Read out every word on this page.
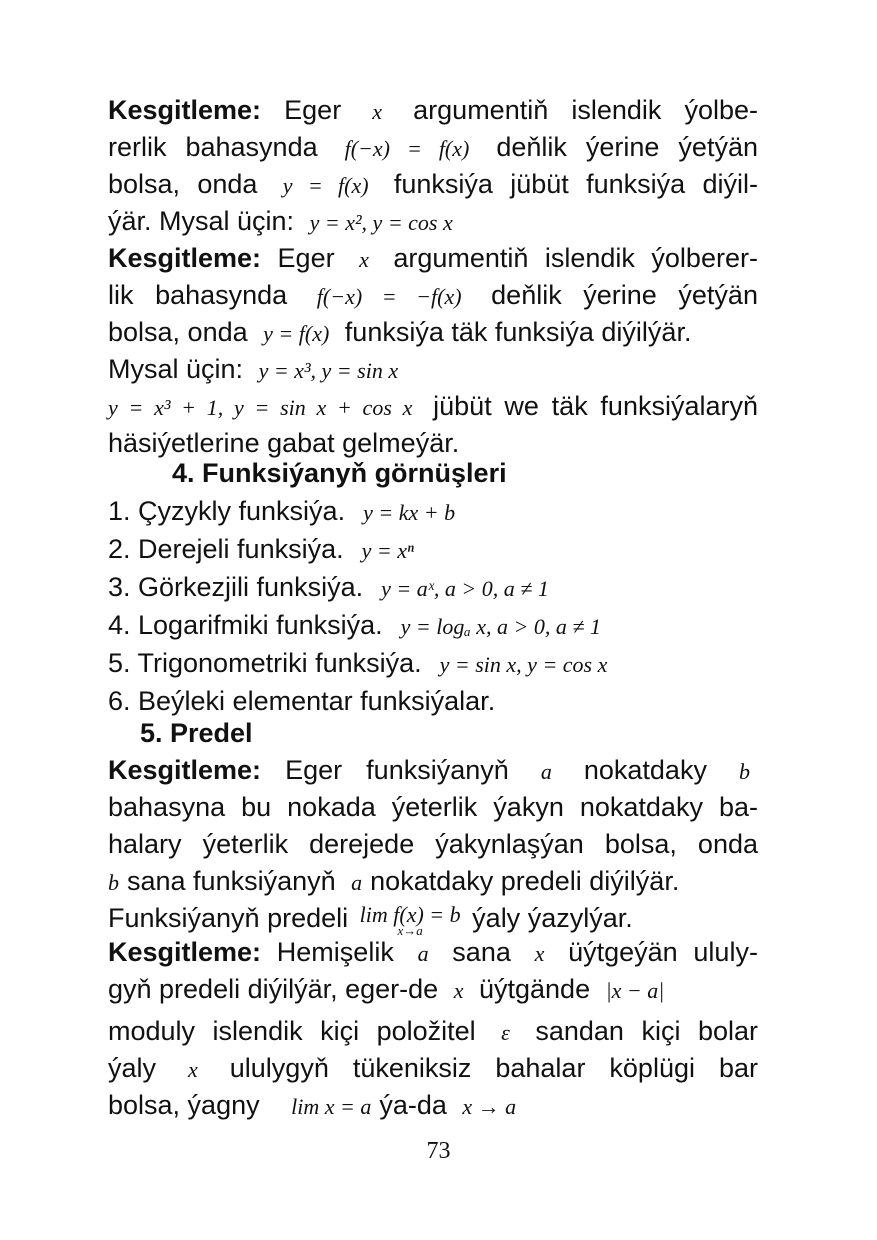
Kesgitleme: Eger x argumentiň islendik ýolbe-
rerlik bahasynda f(−x) = f(x) deňlik ýerine ýetýän
bolsa, onda y = f(x) funksiýa jübüt funksiýa diýil-
ýär. Mysal üçin: y = x², y = cos x
Kesgitleme: Eger x argumentiň islendik ýolberer-
lik bahasynda f(−x) = −f(x) deňlik ýerine ýetýän
bolsa, onda y = f(x) funksiýa täk funksiýa diýilýär.
Mysal üçin: y = x³, y = sin x
y = x³ + 1, y = sin x + cos x jübüt we täk funksiýalaryň
häsiýetlerine gabat gelmeýär.
4. Funksiýanyň görnüşleri
1. Çyzykly funksiýa. y = kx + b
2. Derejeli funksiýa. y = xⁿ
3. Görkezjili funksiýa. y = aˣ, a > 0, a ≠ 1
4. Logarifmiki funksiýa. y = logₐ x, a > 0, a ≠ 1
5. Trigonometriki funksiýa. y = sin x, y = cos x
6. Beýleki elementar funksiýalar.
5. Predel
Kesgitleme: Eger funksiýanyň a nokatdaky b
bahasyna bu nokada ýeterlik ýakyn nokatdaky ba-
halary ýeterlik derejede ýakynlaşýan bolsa, onda
b sana funksiýanyň a nokatdaky predeli diýilýär.
Funksiýanyň predeli lim f(x) = b
x→a	ýaly ýazylýar.
Kesgitleme: Hemişelik a sana x üýtgeýän ululy-
gyň predeli diýilýär, eger-de x üýtgände |x − a|
moduly islendik kiçi položitel ε sandan kiçi bolar
ýaly x ululygyň tükeniksiz bahalar köplügi bar
bolsa, ýagny lim x = a ýa-da x → a
73
